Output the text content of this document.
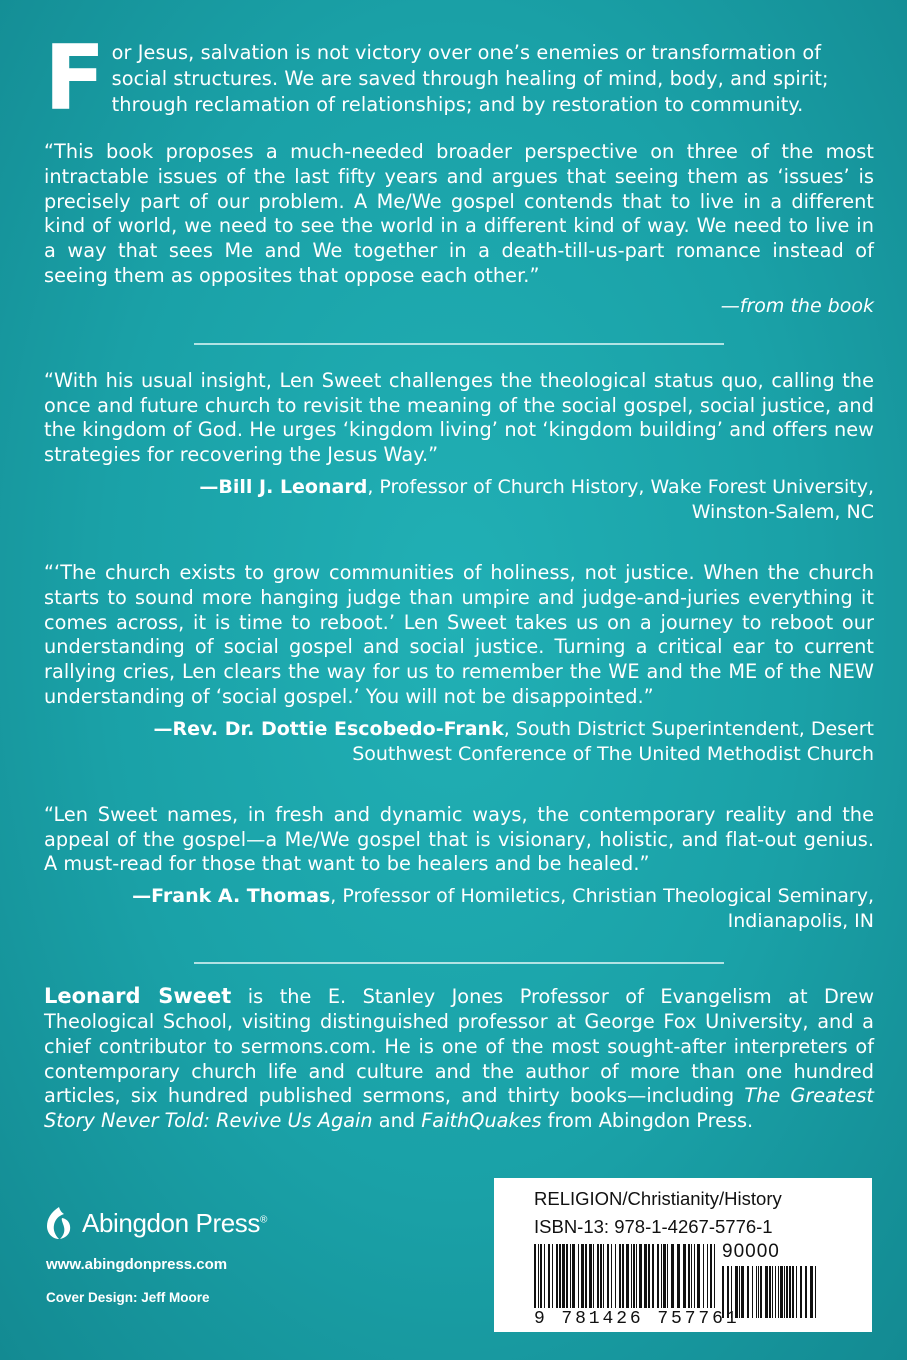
F or Jesus, salvation is not victory over one’s enemies or transformation of

social structures. We are saved through healing of mind, body, and spirit;

through reclamation of relationships; and by restoration to community.

“This book proposes a much-needed broader perspective on three of the most intractable issues of the last fifty years and argues that seeing them as ‘issues’ is precisely part of our problem. A Me/We gospel contends that to live in a different kind of world, we need to see the world in a different kind of way. We need to live in a way that sees Me and We together in a death-till-us-part romance instead of seeing them as opposites that oppose each other.”

—from the book

“With his usual insight, Len Sweet challenges the theological status quo, calling the once and future church to revisit the meaning of the social gospel, social justice, and the kingdom of God. He urges ‘kingdom living’ not ‘kingdom building’ and offers new strategies for recovering the Jesus Way.”

—Bill J. Leonard, Professor of Church History, Wake Forest University,
Winston-Salem, NC

“‘The church exists to grow communities of holiness, not justice. When the church starts to sound more hanging judge than umpire and judge-and-juries everything it comes across, it is time to reboot.’ Len Sweet takes us on a journey to reboot our understanding of social gospel and social justice. Turning a critical ear to current rallying cries, Len clears the way for us to remember the WE and the ME of the NEW understanding of ‘social gospel.’ You will not be disappointed.”

—Rev. Dr. Dottie Escobedo-Frank, South District Superintendent, Desert
Southwest Conference of The United Methodist Church

“Len Sweet names, in fresh and dynamic ways, the contemporary reality and the appeal of the gospel—a Me/We gospel that is visionary, holistic, and flat-out genius. A must-read for those that want to be healers and be healed.”

—Frank A. Thomas, Professor of Homiletics, Christian Theological Seminary,
Indianapolis, IN

Leonard Sweet is the E. Stanley Jones Professor of Evangelism at Drew Theological School, visiting distinguished professor at George Fox University, and a chief contributor to sermons.com. He is one of the most sought-after interpreters of contemporary church life and culture and the author of more than one hundred articles, six hundred published sermons, and thirty books—including The Greatest Story Never Told: Revive Us Again and FaithQuakes from Abingdon Press.

Abingdon Press®
www.abingdonpress.com
Cover Design: Jeff Moore
RELIGION/Christianity/History
ISBN-13: 978-1-4267-5776-1
90000
9 781426 757761
